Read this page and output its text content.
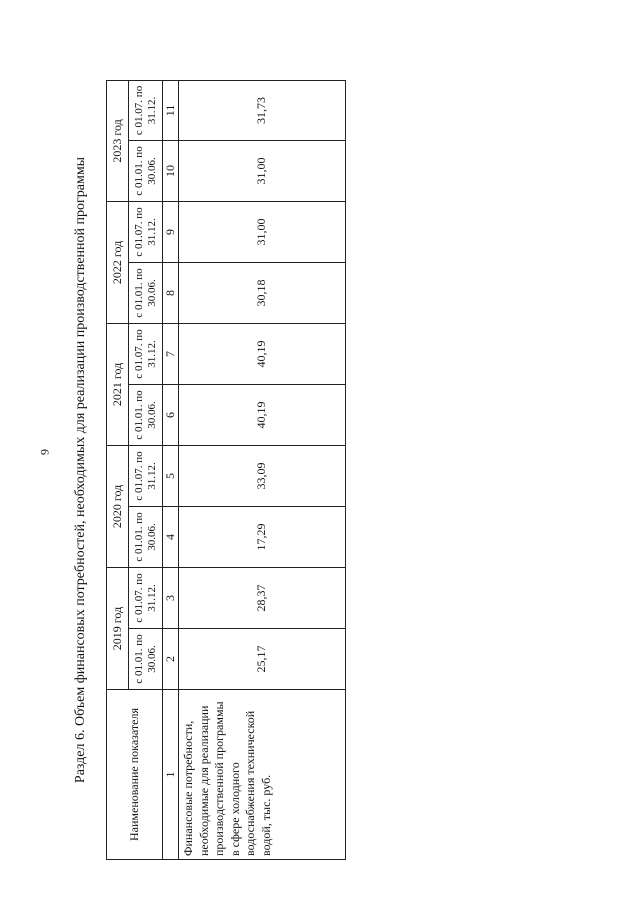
9 Раздел 6. Объем финансовых потребностей, необходимых для реализации производственной программы	Наименование показателя	2019 год		2020 год		2021 год		2022 год		2023 год	
	с 01.01. по 30.06.	с 01.07. по 31.12.	с 01.01. по 30.06.	с 01.07. по 31.12.	с 01.01. по 30.06.	с 01.07. по 31.12.	с 01.01. по 30.06.	с 01.07. по 31.12.	с 01.01. по 30.06.	с 01.07. по 31.12.
1	2	3	4	5	6	7	8	9	10	11
Финансовые потребности, необходимые для реализации производственной программы в сфере холодного водоснабжения технической водой, тыс. руб.	25,17	28,37	17,29	33,09	40,19	40,19	30,18	31,00	31,00	31,73
